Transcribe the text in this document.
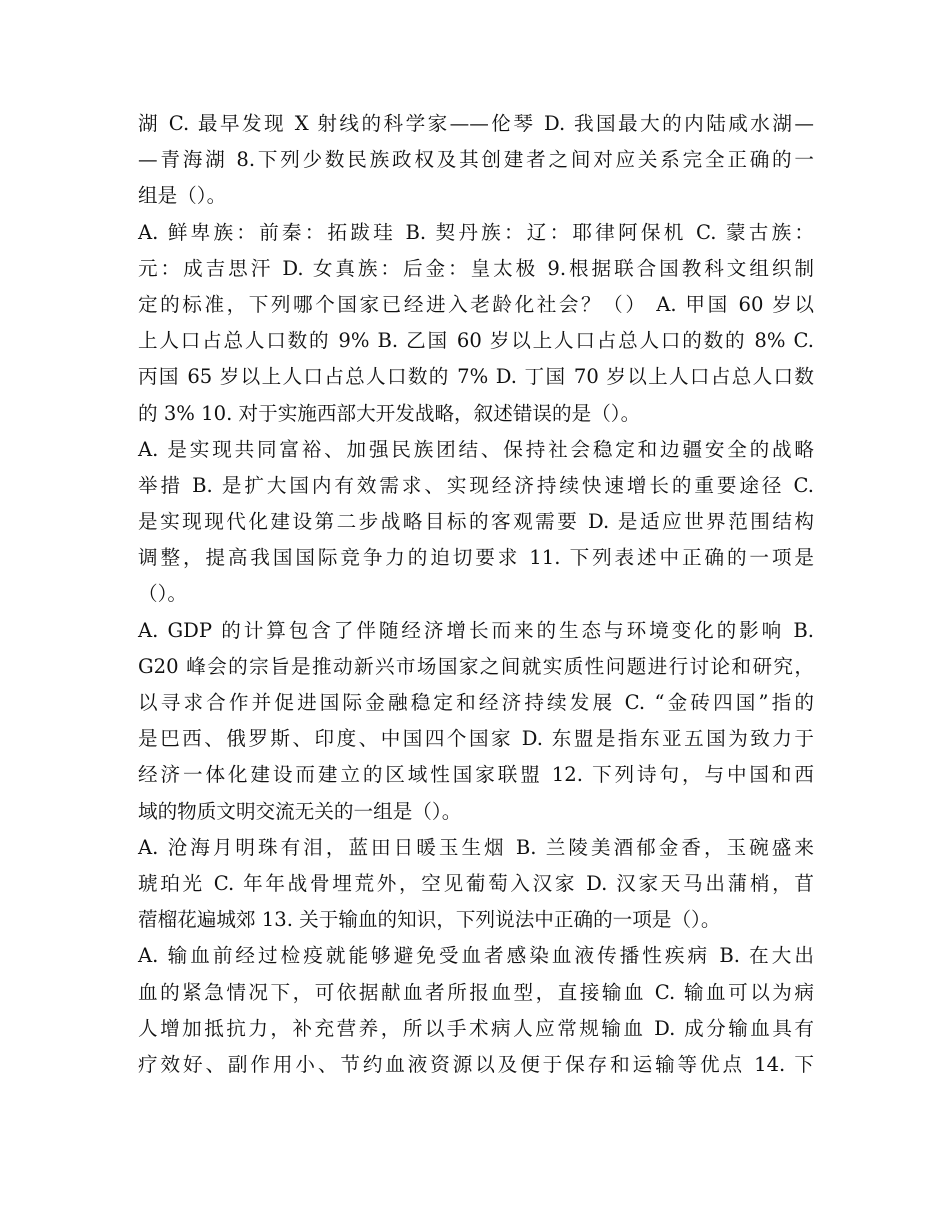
湖 C. 最早发现 X 射线的科学家——伦琴 D. 我国最大的内陆咸水湖—
—青海湖 8.下列少数民族政权及其创建者之间对应关系完全正确的一
组是（）。
A. 鲜卑族：前秦：拓跋珪 B. 契丹族：辽：耶律阿保机 C. 蒙古族：
元：成吉思汗 D. 女真族：后金：皇太极 9.根据联合国教科文组织制
定的标准，下列哪个国家已经进入老龄化社会？（） A. 甲国 60 岁以
上人口占总人口数的 9% B. 乙国 60 岁以上人口占总人口的数的 8% C.
丙国 65 岁以上人口占总人口数的 7% D. 丁国 70 岁以上人口占总人口数
的 3% 10. 对于实施西部大开发战略，叙述错误的是（）。
A. 是实现共同富裕、加强民族团结、保持社会稳定和边疆安全的战略
举措 B. 是扩大国内有效需求、实现经济持续快速增长的重要途径 C.
是实现现代化建设第二步战略目标的客观需要 D. 是适应世界范围结构
调整，提高我国国际竞争力的迫切要求 11. 下列表述中正确的一项是
（）。
A. GDP 的计算包含了伴随经济增长而来的生态与环境变化的影响 B.
G20 峰会的宗旨是推动新兴市场国家之间就实质性问题进行讨论和研究，
以寻求合作并促进国际金融稳定和经济持续发展 C. “金砖四国”指的
是巴西、俄罗斯、印度、中国四个国家 D. 东盟是指东亚五国为致力于
经济一体化建设而建立的区域性国家联盟 12. 下列诗句，与中国和西
域的物质文明交流无关的一组是（）。
A. 沧海月明珠有泪，蓝田日暖玉生烟 B. 兰陵美酒郁金香，玉碗盛来
琥珀光 C. 年年战骨埋荒外，空见葡萄入汉家 D. 汉家天马出蒲梢，苜
蓿榴花遍城郊 13. 关于输血的知识，下列说法中正确的一项是（）。
A. 输血前经过检疫就能够避免受血者感染血液传播性疾病 B. 在大出
血的紧急情况下，可依据献血者所报血型，直接输血 C. 输血可以为病
人增加抵抗力，补充营养，所以手术病人应常规输血 D. 成分输血具有
疗效好、副作用小、节约血液资源以及便于保存和运输等优点 14. 下
